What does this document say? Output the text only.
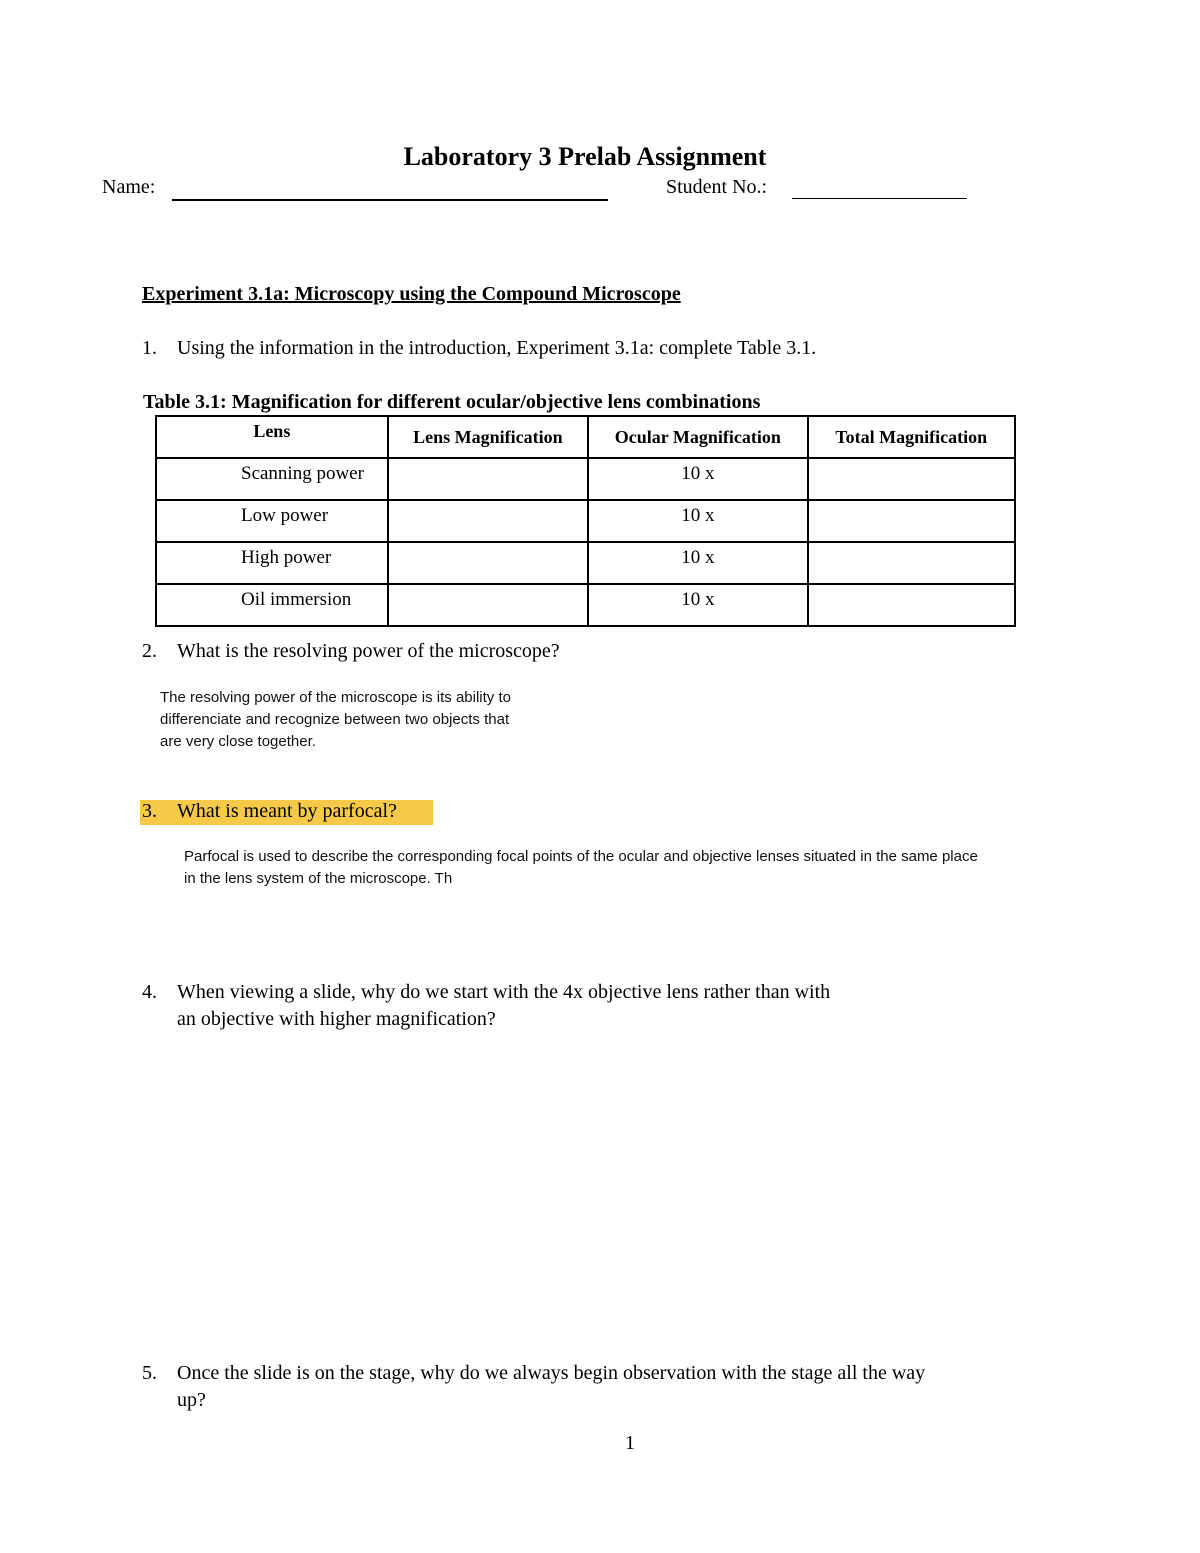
Laboratory 3 Prelab Assignment
Name:	Student No.:
Experiment 3.1a: Microscopy using the Compound Microscope
1. Using the information in the introduction, Experiment 3.1a: complete Table 3.1.
Table 3.1: Magnification for different ocular/objective lens combinations
Lens	Lens Magnification	Ocular Magnification	Total Magnification
Scanning power		10 x	
Low power		10 x	
High power		10 x	
Oil immersion		10 x	
2. What is the resolving power of the microscope?
The resolving power of the microscope is its ability to
differenciate and recognize between two objects that
are very close together.
3. What is meant by parfocal?
Parfocal is used to describe the corresponding focal points of the ocular and objective lenses situated in the same place
in the lens system of the microscope. Th
4. When viewing a slide, why do we start with the 4x objective lens rather than with
an objective with higher magnification?
5. Once the slide is on the stage, why do we always begin observation with the stage all the way
up?
1
